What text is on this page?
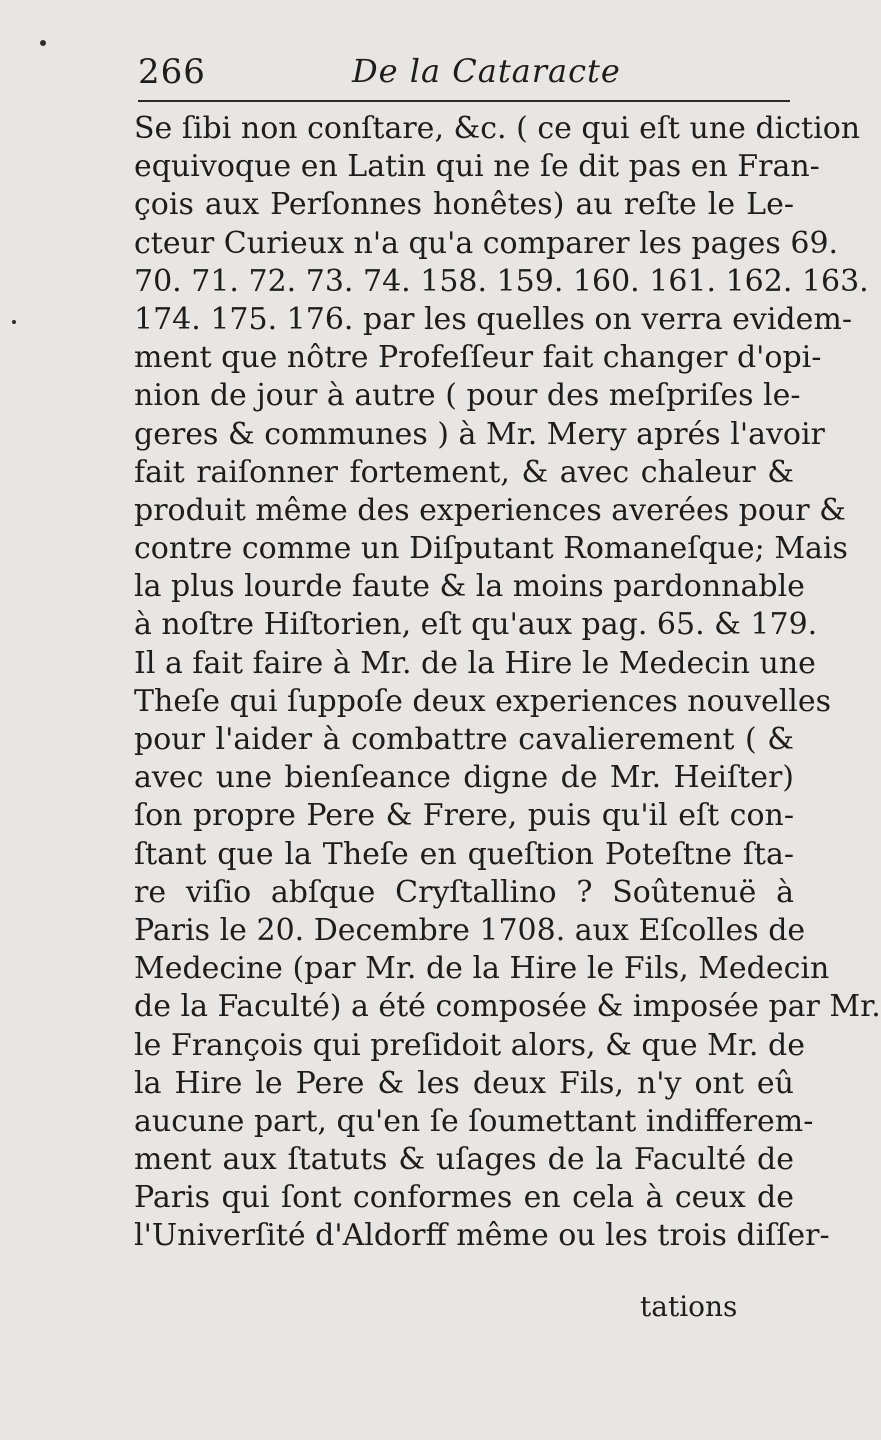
266	De la Cataracte
Se ſibi non conſtare, &c. ( ce qui eſt une diction
equivoque en Latin qui ne ſe dit pas en Fran-
çois aux Perſonnes honêtes) au reſte le Le-
cteur Curieux n'a qu'a comparer les pages 69.
70. 71. 72. 73. 74. 158. 159. 160. 161. 162. 163.
174. 175. 176. par les quelles on verra evidem-
ment que nôtre Profeſſeur fait changer d'opi-
nion de jour à autre ( pour des meſpriſes le-
geres & communes ) à Mr. Mery aprés l'avoir
fait raiſonner fortement, & avec chaleur &
produit même des experiences averées pour &
contre comme un Diſputant Romaneſque; Mais
la plus lourde faute & la moins pardonnable
à noſtre Hiſtorien, eſt qu'aux pag. 65. & 179.
Il a fait faire à Mr. de la Hire le Medecin une
Theſe qui ſuppoſe deux experiences nouvelles
pour l'aider à combattre cavalierement ( &
avec une bienſeance digne de Mr. Heiſter)
ſon propre Pere & Frere, puis qu'il eſt con-
ſtant que la Theſe en queſtion Poteſtne ſta-
re viſio abſque Cryſtallino ? Soûtenuë à
Paris le 20. Decembre 1708. aux Eſcolles de
Medecine (par Mr. de la Hire le Fils, Medecin
de la Faculté) a été composée & imposée par Mr.
le François qui preſidoit alors, & que Mr. de
la Hire le Pere & les deux Fils, n'y ont eû
aucune part, qu'en ſe ſoumettant indifferem-
ment aux ſtatuts & uſages de la Faculté de
Paris qui ſont conformes en cela à ceux de
l'Univerſité d'Aldorff même ou les trois diſſer-
tations
